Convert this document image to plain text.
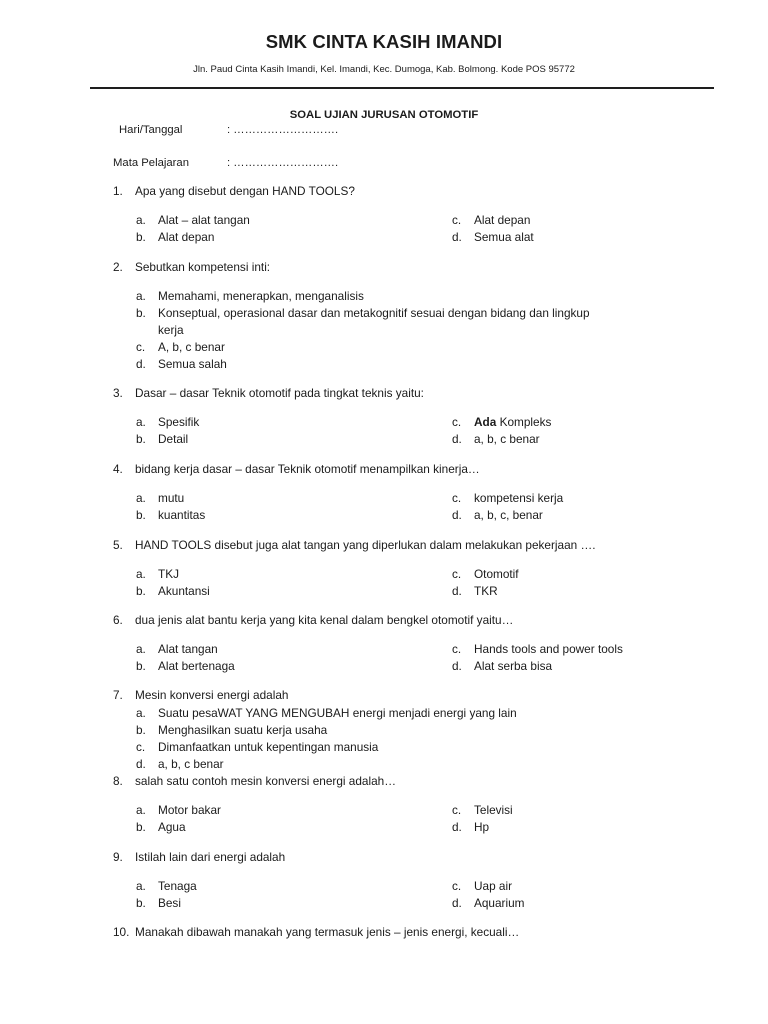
SMK CINTA KASIH IMANDI
Jln. Paud Cinta Kasih Imandi, Kel. Imandi, Kec. Dumoga, Kab. Bolmong. Kode POS 95772
SOAL UJIAN JURUSAN OTOMOTIF
Hari/Tanggal	: ……………………….
Mata Pelajaran	: ……………………….
1. Apa yang disebut dengan HAND TOOLS?
a. Alat – alat tangan	c. Alat depan
b. Alat depan	d. Semua alat
2. Sebutkan kompetensi inti:
a. Memahami, menerapkan, menganalisis
b. Konseptual, operasional dasar dan metakognitif sesuai dengan bidang dan lingkup
kerja
c. A, b, c benar
d. Semua salah
3. Dasar – dasar Teknik otomotif pada tingkat teknis yaitu:
a. Spesifik	c. Ada Kompleks
b. Detail	d. a, b, c benar
4. bidang kerja dasar – dasar Teknik otomotif menampilkan kinerja…
a. mutu	c. kompetensi kerja
b. kuantitas	d. a, b, c, benar
5. HAND TOOLS disebut juga alat tangan yang diperlukan dalam melakukan pekerjaan ….
a. TKJ	c. Otomotif
b. Akuntansi	d. TKR
6. dua jenis alat bantu kerja yang kita kenal dalam bengkel otomotif yaitu…
a. Alat tangan	c. Hands tools and power tools
b. Alat bertenaga	d. Alat serba bisa
7. Mesin konversi energi adalah
a. Suatu pesaWAT YANG MENGUBAH energi menjadi energi yang lain
b. Menghasilkan suatu kerja usaha
c. Dimanfaatkan untuk kepentingan manusia
d. a, b, c benar
8. salah satu contoh mesin konversi energi adalah…
a. Motor bakar	c. Televisi
b. Agua	d. Hp
9. Istilah lain dari energi adalah
a. Tenaga	c. Uap air
b. Besi	d. Aquarium
10. Manakah dibawah manakah yang termasuk jenis – jenis energi, kecuali…
